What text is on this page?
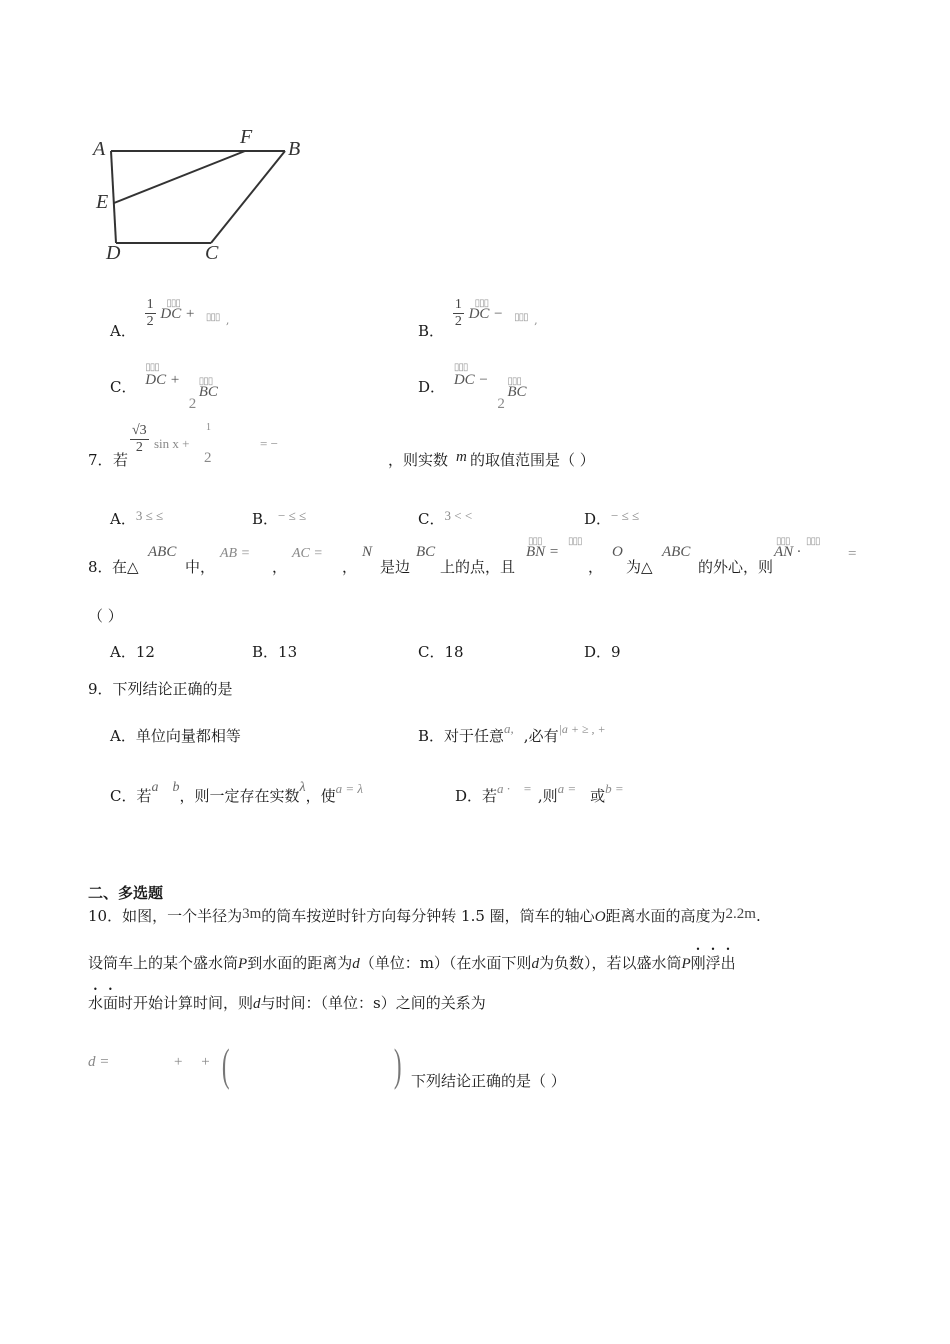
A
F
B
E
D	C
A．
$\frac{1}{2}$
▯▯▯
DC + ▯▯▯ ,
B．
$\frac{1}{2}$
▯▯▯
DC − ▯▯▯ ,
C．
▯▯▯
DC +
2
▯▯▯
BC	D．
▯▯▯
DC −
2
▯▯▯
BC
7． 若
$\frac{√3}{2}$ sin x +
1
2
= −
，则实数 m 的取值范围是（ ）
A．3 ≤ ≤	B．− ≤ ≤	C．3 < <	D．− ≤ ≤
8． 在△
ABC
中，
AB =
，
AC =
，
N
是边
BC
上的点，且
▯▯▯
BN =
▯▯▯
，
O
为△
ABC
的外心，则
▯▯▯
AN ·
▯▯▯
=
（ ）
A．12	B．13	C．18	D．9
9．下列结论正确的是
A．单位向量都相等	B．对于任意a, ,必有$^{|a + \ge , +}$
C．若a    b，则一定存在实数λ，使a = λ	D．若a ·    = ,则a = 或b =
二、多选题
10．如图，一个半径为3m的筒车按逆时针方向每分钟转 1.5 圈，筒车的轴心O距离水面的高度为2.2m.
设筒车上的某个盛水筒P到水面的距离为d（单位：m）（在水面下则d为负数），若以盛水筒P刚浮出
水面时开始计算时间，则d与时间：（单位：s）之间的关系为
d =	+     + (	) 下列结论正确的是（ ）
